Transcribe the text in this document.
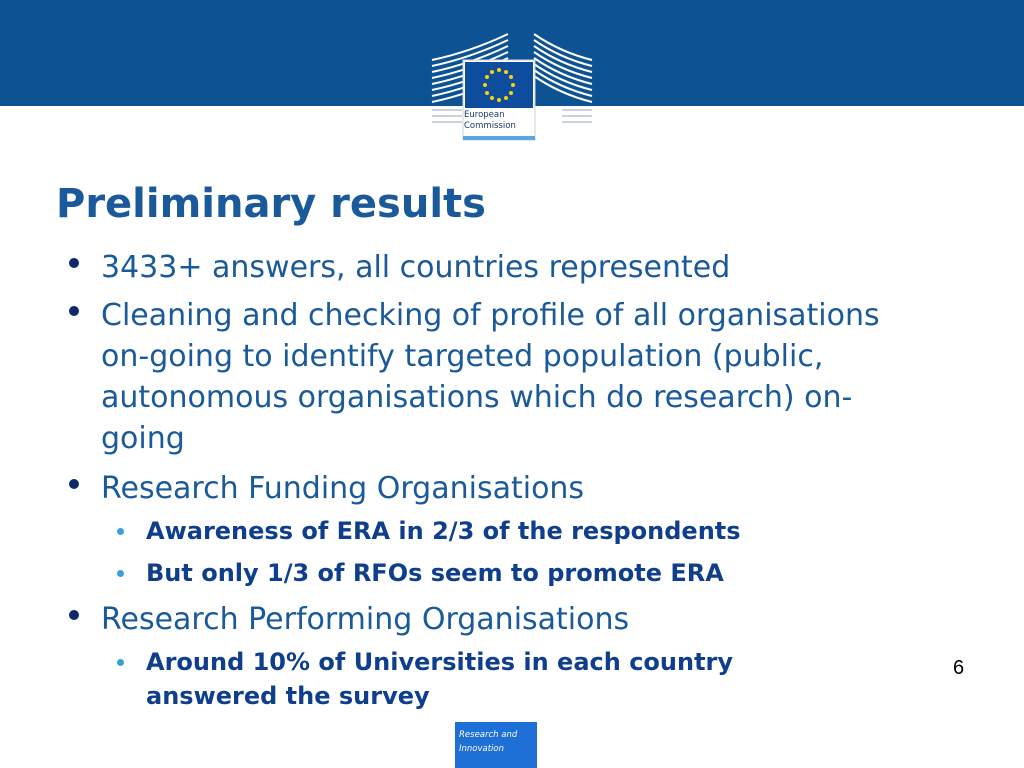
European
Commission
Preliminary results
3433+ answers, all countries represented
Cleaning and checking of profile of all organisations on-going to identify targeted population (public, autonomous organisations which do research) on-going
Research Funding Organisations
Awareness of ERA in 2/3 of the respondents
But only 1/3 of RFOs seem to promote ERA
Research Performing Organisations
Around 10% of Universities in each country answered the survey
6
Research and
Innovation
